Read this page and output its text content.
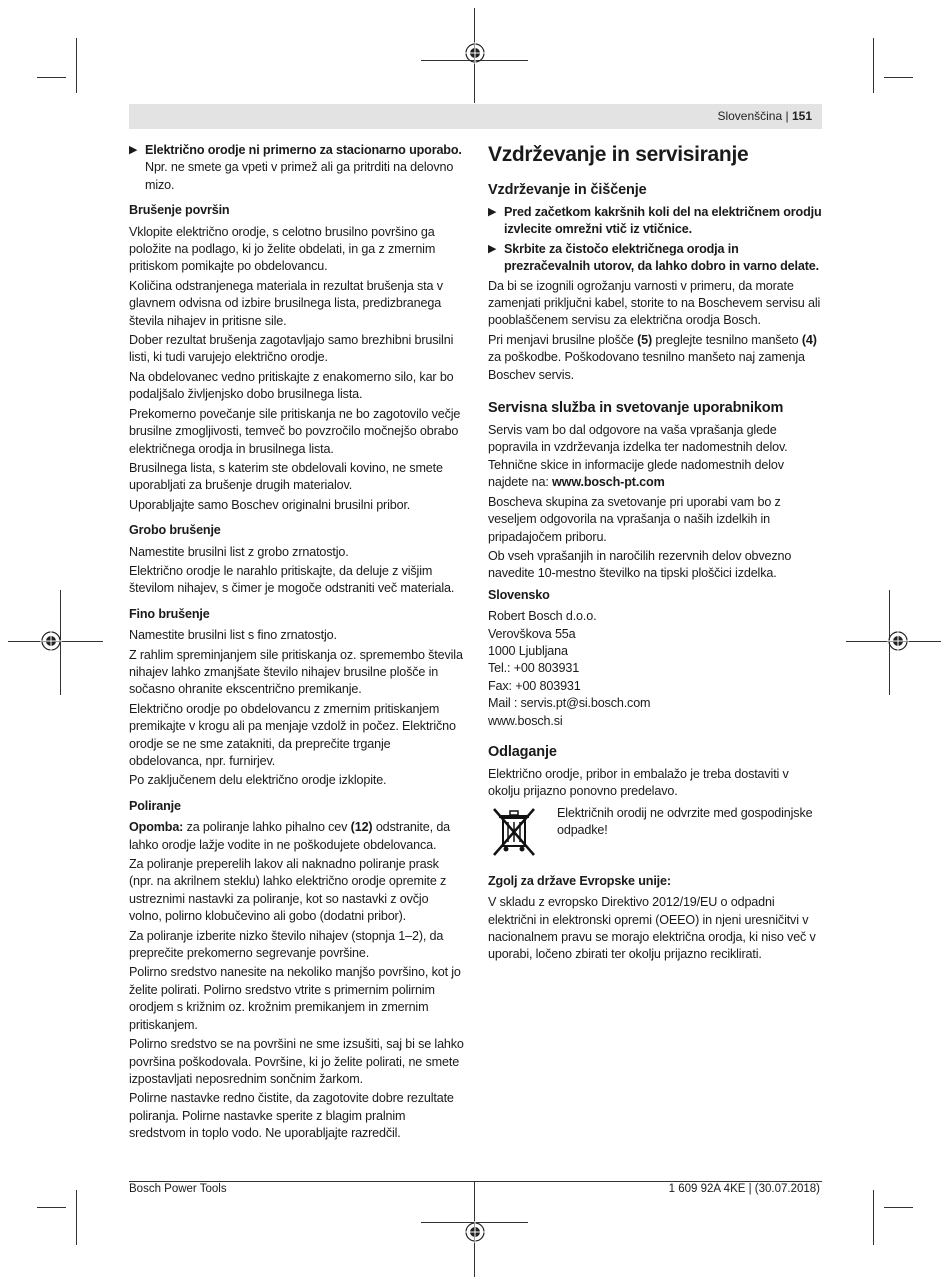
Slovenščina | 151
▶ Električno orodje ni primerno za stacionarno uporabo. Npr. ne smete ga vpeti v primež ali ga pritrditi na delovno mizo.
Brušenje površin

Vklopite električno orodje, s celotno brusilno površino ga položite na podlago, ki jo želite obdelati, in ga z zmernim pritiskom pomikajte po obdelovancu.

Količina odstranjenega materiala in rezultat brušenja sta v glavnem odvisna od izbire brusilnega lista, predizbranega števila nihajev in pritisne sile.

Dober rezultat brušenja zagotavljajo samo brezhibni brusilni listi, ki tudi varujejo električno orodje.

Na obdelovanec vedno pritiskajte z enakomerno silo, kar bo podaljšalo življenjsko dobo brusilnega lista.

Prekomerno povečanje sile pritiskanja ne bo zagotovilo večje brusilne zmogljivosti, temveč bo povzročilo močnejšo obrabo električnega orodja in brusilnega lista.

Brusilnega lista, s katerim ste obdelovali kovino, ne smete uporabljati za brušenje drugih materialov.

Uporabljajte samo Boschev originalni brusilni pribor.

Grobo brušenje

Namestite brusilni list z grobo zrnatostjo.

Električno orodje le narahlo pritiskajte, da deluje z višjim številom nihajev, s čimer je mogoče odstraniti več materiala.

Fino brušenje

Namestite brusilni list s fino zrnatostjo.

Z rahlim spreminjanjem sile pritiskanja oz. spremembo števila nihajev lahko zmanjšate število nihajev brusilne plošče in sočasno ohranite ekscentrično premikanje.

Električno orodje po obdelovancu z zmernim pritiskanjem premikajte v krogu ali pa menjaje vzdolž in počez. Električno orodje se ne sme zatakniti, da preprečite trganje obdelovanca, npr. furnirjev.

Po zaključenem delu električno orodje izklopite.

Poliranje

Opomba: za poliranje lahko pihalno cev (12) odstranite, da lahko orodje lažje vodite in ne poškodujete obdelovanca.

Za poliranje preperelih lakov ali naknadno poliranje prask (npr. na akrilnem steklu) lahko električno orodje opremite z ustreznimi nastavki za poliranje, kot so nastavki z ovčjo volno, polirno klobučevino ali gobo (dodatni pribor).

Za poliranje izberite nizko število nihajev (stopnja 1–2), da preprečite prekomerno segrevanje površine.

Polirno sredstvo nanesite na nekoliko manjšo površino, kot jo želite polirati. Polirno sredstvo vtrite s primernim polirnim orodjem s križnim oz. krožnim premikanjem in zmernim pritiskanjem.

Polirno sredstvo se na površini ne sme izsušiti, saj bi se lahko površina poškodovala. Površine, ki jo želite polirati, ne smete izpostavljati neposrednim sončnim žarkom.

Polirne nastavke redno čistite, da zagotovite dobre rezultate poliranja. Polirne nastavke sperite z blagim pralnim sredstvom in toplo vodo. Ne uporabljajte razredčil.

Vzdrževanje in servisiranje
Vzdrževanje in čiščenje
▶ Pred začetkom kakršnih koli del na električnem orodju izvlecite omrežni vtič iz vtičnice.
▶ Skrbite za čistočo električnega orodja in prezračevalnih utorov, da lahko dobro in varno delate.

Da bi se izognili ogrožanju varnosti v primeru, da morate zamenjati priključni kabel, storite to na Boschevem servisu ali pooblaščenem servisu za električna orodja Bosch.

Pri menjavi brusilne plošče (5) preglejte tesnilno manšeto (4) za poškodbe. Poškodovano tesnilno manšeto naj zamenja Boschev servis.

Servisna služba in svetovanje uporabnikom

Servis vam bo dal odgovore na vaša vprašanja glede popravila in vzdrževanja izdelka ter nadomestnih delov. Tehnične skice in informacije glede nadomestnih delov najdete na: www.bosch-pt.com

Boscheva skupina za svetovanje pri uporabi vam bo z veseljem odgovorila na vprašanja o naših izdelkih in pripadajočem priboru.

Ob vseh vprašanjih in naročilih rezervnih delov obvezno navedite 10-mestno številko na tipski ploščici izdelka.

Slovensko

Robert Bosch d.o.o.

Verovškova 55a

1000 Ljubljana

Tel.: +00 803931

Fax: +00 803931

Mail : servis.pt@si.bosch.com

www.bosch.si

Odlaganje

Električno orodje, pribor in embalažo je treba dostaviti v okolju prijazno ponovno predelavo.

Električnih orodij ne odvrzite med gospodinjske odpadke!
Zgolj za države Evropske unije:

V skladu z evropsko Direktivo 2012/19/EU o odpadni električni in elektronski opremi (OEEO) in njeni uresničitvi v nacionalnem pravu se morajo električna orodja, ki niso več v uporabi, ločeno zbirati ter okolju prijazno reciklirati.

Bosch Power Tools	1 609 92A 4KE | (30.07.2018)
